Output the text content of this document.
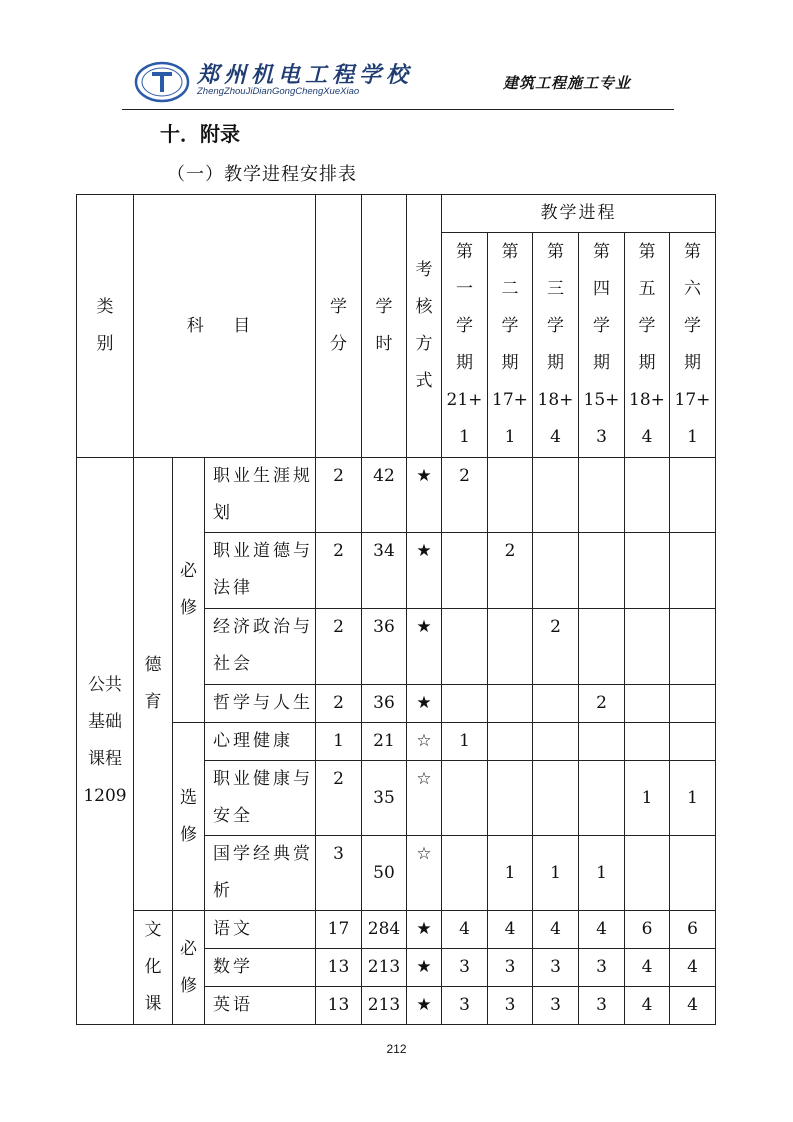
郑州机电工程学校
ZhengZhouJiDianGongChengXueXiao	建筑工程施工专业
十．附录
（一）教学进程安排表
类别	科 目			学分	学时	考核方式	教学进程					
							第一学期21+1	第二学期17+1	第三学期18+4	第四学期15+3	第五学期18+4	第六学期17+1
公共基础课程1209	德育	必修	职业生涯规划	2	42	★	2					
			职业道德与法律	2	34	★		2				
			经济政治与社会	2	36	★			2			
			哲学与人生	2	36	★				2		
		选修	心理健康	1	21	☆	1					
			职业健康与安全	2	35	☆					1	1
			国学经典赏析	3	50	☆		1	1	1		
	文化课	必修	语文	17	284	★	4	4	4	4	6	6
			数学	13	213	★	3	3	3	3	4	4
			英语	13	213	★	3	3	3	3	4	4
212
